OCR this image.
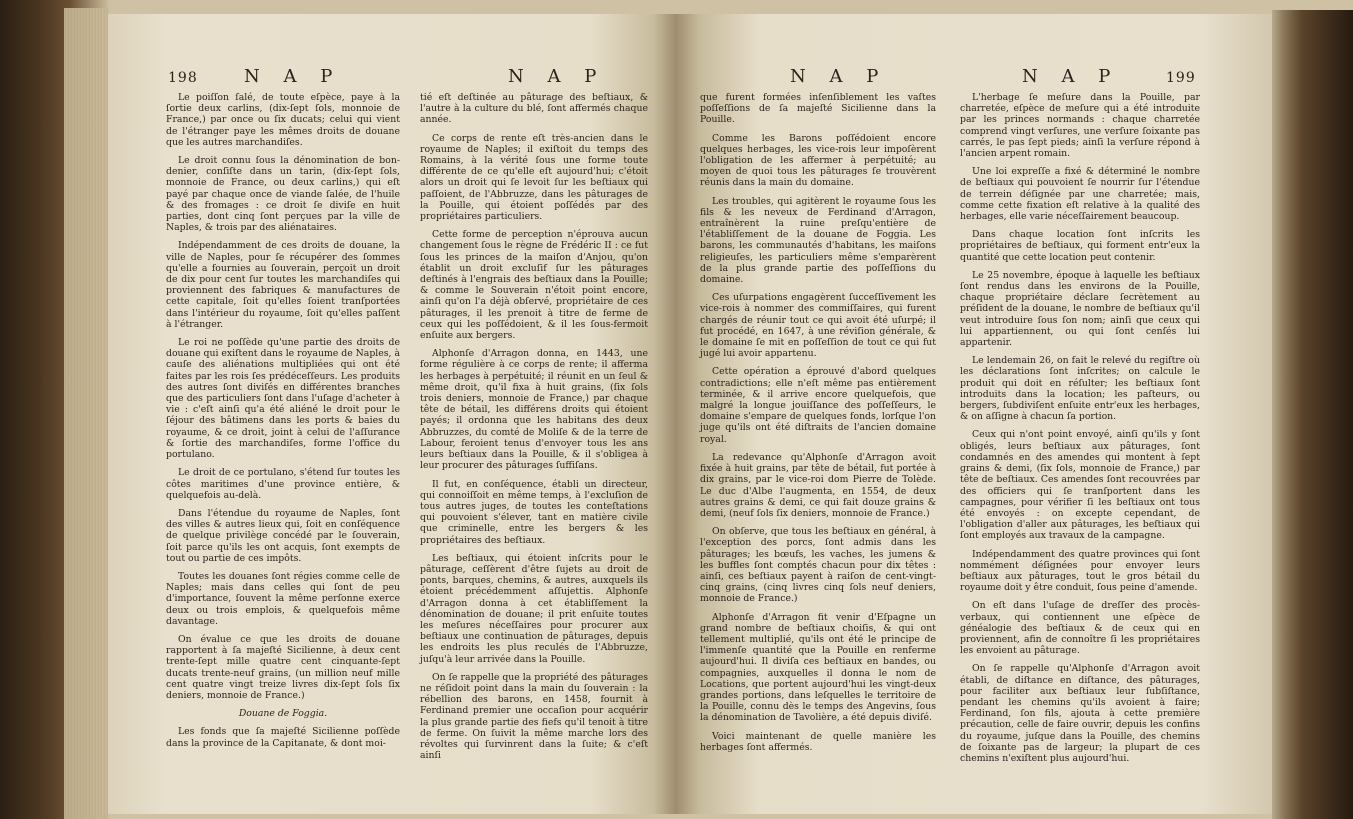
198	N A P	N A P

Le poiſſon ſalé, de toute eſpèce, paye à la ſortie deux carlins, (dix-ſept ſols, monnoie de France,) par once ou ſix ducats; celui qui vient de l'étranger paye les mêmes droits de douane que les autres marchandiſes.

Le droit connu ſous la dénomination de bon-denier, conſiſte dans un tarin, (dix-ſept ſols, monnoie de France, ou deux carlins,) qui eſt payé par chaque once de viande ſalée, de l'huile & des fromages : ce droit ſe diviſe en huit parties, dont cinq ſont perçues par la ville de Naples, & trois par des aliénataires.

Indépendamment de ces droits de douane, la ville de Naples, pour ſe récupérer des ſommes qu'elle a fournies au ſouverain, perçoit un droit de dix pour cent ſur toutes les marchandiſes qui proviennent des fabriques & manufactures de cette capitale, ſoit qu'elles ſoient tranſportées dans l'intérieur du royaume, ſoit qu'elles paſſent à l'étranger.

Le roi ne poſſède qu'une partie des droits de douane qui exiſtent dans le royaume de Naples, à cauſe des aliénations multipliées qui ont été faites par les rois ſes prédéceſſeurs. Les produits des autres ſont diviſés en différentes branches que des particuliers ſont dans l'uſage d'acheter à vie : c'eſt ainſi qu'a été aliéné le droit pour le ſéjour des bâtimens dans les ports & baies du royaume, & ce droit, joint à celui de l'aſſurance & ſortie des marchandiſes, forme l'office du portulano.

Le droit de ce portulano, s'étend ſur toutes les côtes maritimes d'une province entière, & quelquefois au-delà.

Dans l'étendue du royaume de Naples, ſont des villes & autres lieux qui, ſoit en conſéquence de quelque privilège concédé par le ſouverain, ſoit parce qu'ils les ont acquis, ſont exempts de tout ou partie de ces impôts.

Toutes les douanes ſont régies comme celle de Naples; mais dans celles qui ſont de peu d'importance, ſouvent la même perſonne exerce deux ou trois emplois, & quelquefois même davantage.

On évalue ce que les droits de douane rapportent à ſa majeſté Sicilienne, à deux cent trente-ſept mille quatre cent cinquante-ſept ducats trente-neuf grains, (un million neuf mille cent quatre vingt treize livres dix-ſept ſols ſix deniers, monnoie de France.)

Douane de Foggia.

Les fonds que ſa majeſté Sicilienne poſſède dans la province de la Capitanate, & dont moi-

tié eſt deſtinée au pâturage des beſtiaux, & l'autre à la culture du blé, ſont affermés chaque année.

Ce corps de rente eſt très-ancien dans le royaume de Naples; il exiſtoit du temps des Romains, à la vérité ſous une forme toute différente de ce qu'elle eſt aujourd'hui; c'étoit alors un droit qui ſe levoit ſur les beſtiaux qui paſſoient, de l'Abbruzze, dans les pâturages de la Pouille, qui étoient poſſédés par des propriétaires particuliers.

Cette forme de perception n'éprouva aucun changement ſous le règne de Frédéric II : ce fut ſous les princes de la maiſon d'Anjou, qu'on établit un droit excluſif ſur les pâturages deſtinés à l'engrais des beſtiaux dans la Pouille; & comme le Souverain n'étoit point encore, ainſi qu'on l'a déjà obſervé, propriétaire de ces pâturages, il les prenoit à titre de ferme de ceux qui les poſſédoient, & il les ſous-fermoit enſuite aux bergers.

Alphonſe d'Arragon donna, en 1443, une forme régulière à ce corps de rente; il afferma les herbages à perpétuité; il réunit en un ſeul & même droit, qu'il fixa à huit grains, (ſix ſols trois deniers, monnoie de France,) par chaque tête de bétail, les différens droits qui étoient payés; il ordonna que les habitans des deux Abbruzzes, du comté de Moliſe & de la terre de Labour, feroient tenus d'envoyer tous les ans leurs beſtiaux dans la Pouille, & il s'obligea à leur procurer des pâturages ſuffiſans.

Il fut, en conſéquence, établi un directeur, qui connoiſſoit en même temps, à l'excluſion de tous autres juges, de toutes les conteſtations qui pouvoient s'élever, tant en matière civile que criminelle, entre les bergers & les propriétaires des beſtiaux.

Les beſtiaux, qui étoient inſcrits pour le pâturage, ceſſèrent d'être ſujets au droit de ponts, barques, chemins, & autres, auxquels ils étoient précédemment aſſujettis. Alphonſe d'Arragon donna à cet établiſſement la dénomination de douane; il prit enſuite toutes les meſures néceſſaires pour procurer aux beſtiaux une continuation de pâturages, depuis les endroits les plus reculés de l'Abbruzze, juſqu'à leur arrivée dans la Pouille.

On ſe rappelle que la propriété des pâturages ne réſidoit point dans la main du ſouverain : la rébellion des barons, en 1458, fournit à Ferdinand premier une occaſion pour acquérir la plus grande partie des fiefs qu'il tenoit à titre de ferme. On ſuivit la même marche lors des révoltes qui ſurvinrent dans la ſuite; & c'eſt ainſi

N A P	N A P	199

que furent formées inſenſiblement les vaſtes poſſeſſions de ſa majeſté Sicilienne dans la Pouille.

Comme les Barons poſſédoient encore quelques herbages, les vice-rois leur impoſèrent l'obligation de les affermer à perpétuité; au moyen de quoi tous les pâturages ſe trouvèrent réunis dans la main du domaine.

Les troubles, qui agitèrent le royaume ſous les fils & les neveux de Ferdinand d'Arragon, entraînèrent la ruine preſqu'entière de l'établiſſement de la douane de Foggia. Les barons, les communautés d'habitans, les maiſons religieuſes, les particuliers même s'emparèrent de la plus grande partie des poſſeſſions du domaine.

Ces uſurpations engagèrent ſucceſſivement les vice-rois à nommer des commiſſaires, qui furent chargés de réunir tout ce qui avoit été uſurpé; il fut procédé, en 1647, à une réviſion générale, & le domaine ſe mit en poſſeſſion de tout ce qui fut jugé lui avoir appartenu.

Cette opération a éprouvé d'abord quelques contradictions; elle n'eſt même pas entièrement terminée, & il arrive encore quelquefois, que malgré la longue jouiſſance des poſſeſſeurs, le domaine s'empare de quelques fonds, lorſque l'on juge qu'ils ont été diſtraits de l'ancien domaine royal.

La redevance qu'Alphonſe d'Arragon avoit fixée à huit grains, par tête de bétail, fut portée à dix grains, par le vice-roi dom Pierre de Tolède. Le duc d'Albe l'augmenta, en 1554, de deux autres grains & demi, ce qui fait douze grains & demi, (neuf ſols ſix deniers, monnoie de France.)

On obſerve, que tous les beſtiaux en général, à l'exception des porcs, ſont admis dans les pâturages; les bœufs, les vaches, les jumens & les buffles ſont comptés chacun pour dix têtes : ainſi, ces beſtiaux payent à raiſon de cent-vingt-cinq grains, (cinq livres cinq ſols neuf deniers, monnoie de France.)

Alphonſe d'Arragon fit venir d'Eſpagne un grand nombre de beſtiaux choiſis, & qui ont tellement multiplié, qu'ils ont été le principe de l'immenſe quantité que la Pouille en renferme aujourd'hui. Il diviſa ces beſtiaux en bandes, ou compagnies, auxquelles il donna le nom de Locations, que portent aujourd'hui les vingt-deux grandes portions, dans leſquelles le territoire de la Pouille, connu dès le temps des Angevins, ſous la dénomination de Tavolière, a été depuis diviſé.

Voici maintenant de quelle manière les herbages ſont affermés.

L'herbage ſe meſure dans la Pouille, par charretée, eſpèce de meſure qui a été introduite par les princes normands : chaque charretée comprend vingt verſures, une verſure ſoixante pas carrés, le pas ſept pieds; ainſi la verſure répond à l'ancien arpent romain.

Une loi expreſſe a fixé & déterminé le nombre de beſtiaux qui pouvoient ſe nourrir ſur l'étendue de terrein déſignée par une charretée; mais, comme cette fixation eſt relative à la qualité des herbages, elle varie néceſſairement beaucoup.

Dans chaque location ſont inſcrits les propriétaires de beſtiaux, qui forment entr'eux la quantité que cette location peut contenir.

Le 25 novembre, époque à laquelle les beſtiaux ſont rendus dans les environs de la Pouille, chaque propriétaire déclare ſecrètement au préſident de la douane, le nombre de beſtiaux qu'il veut introduire ſous ſon nom; ainſi que ceux qui lui appartiennent, ou qui ſont cenſés lui appartenir.

Le lendemain 26, on fait le relevé du regiſtre où les déclarations ſont inſcrites; on calcule le produit qui doit en réſulter; les beſtiaux ſont introduits dans la location; les paſteurs, ou bergers, ſubdiviſent enſuite entr'eux les herbages, & on aſſigne à chacun ſa portion.

Ceux qui n'ont point envoyé, ainſi qu'ils y ſont obligés, leurs beſtiaux aux pâturages, ſont condamnés en des amendes qui montent à ſept grains & demi, (ſix ſols, monnoie de France,) par tête de beſtiaux. Ces amendes ſont recouvrées par des officiers qui ſe tranſportent dans les campagnes, pour vérifier ſi les beſtiaux ont tous été envoyés : on excepte cependant, de l'obligation d'aller aux pâturages, les beſtiaux qui ſont employés aux travaux de la campagne.

Indépendamment des quatre provinces qui ſont nommément déſignées pour envoyer leurs beſtiaux aux pâturages, tout le gros bétail du royaume doit y être conduit, ſous peine d'amende.

On eſt dans l'uſage de dreſſer des procès-verbaux, qui contiennent une eſpèce de généalogie des beſtiaux & de ceux qui en proviennent, afin de connoître ſi les propriétaires les envoient au pâturage.

On ſe rappelle qu'Alphonſe d'Arragon avoit établi, de diſtance en diſtance, des pâturages, pour faciliter aux beſtiaux leur ſubſiſtance, pendant les chemins qu'ils avoient à faire; Ferdinand, ſon fils, ajouta à cette première précaution, celle de faire ouvrir, depuis les confins du royaume, juſque dans la Pouille, des chemins de ſoixante pas de largeur; la plupart de ces chemins n'exiſtent plus aujourd'hui.
